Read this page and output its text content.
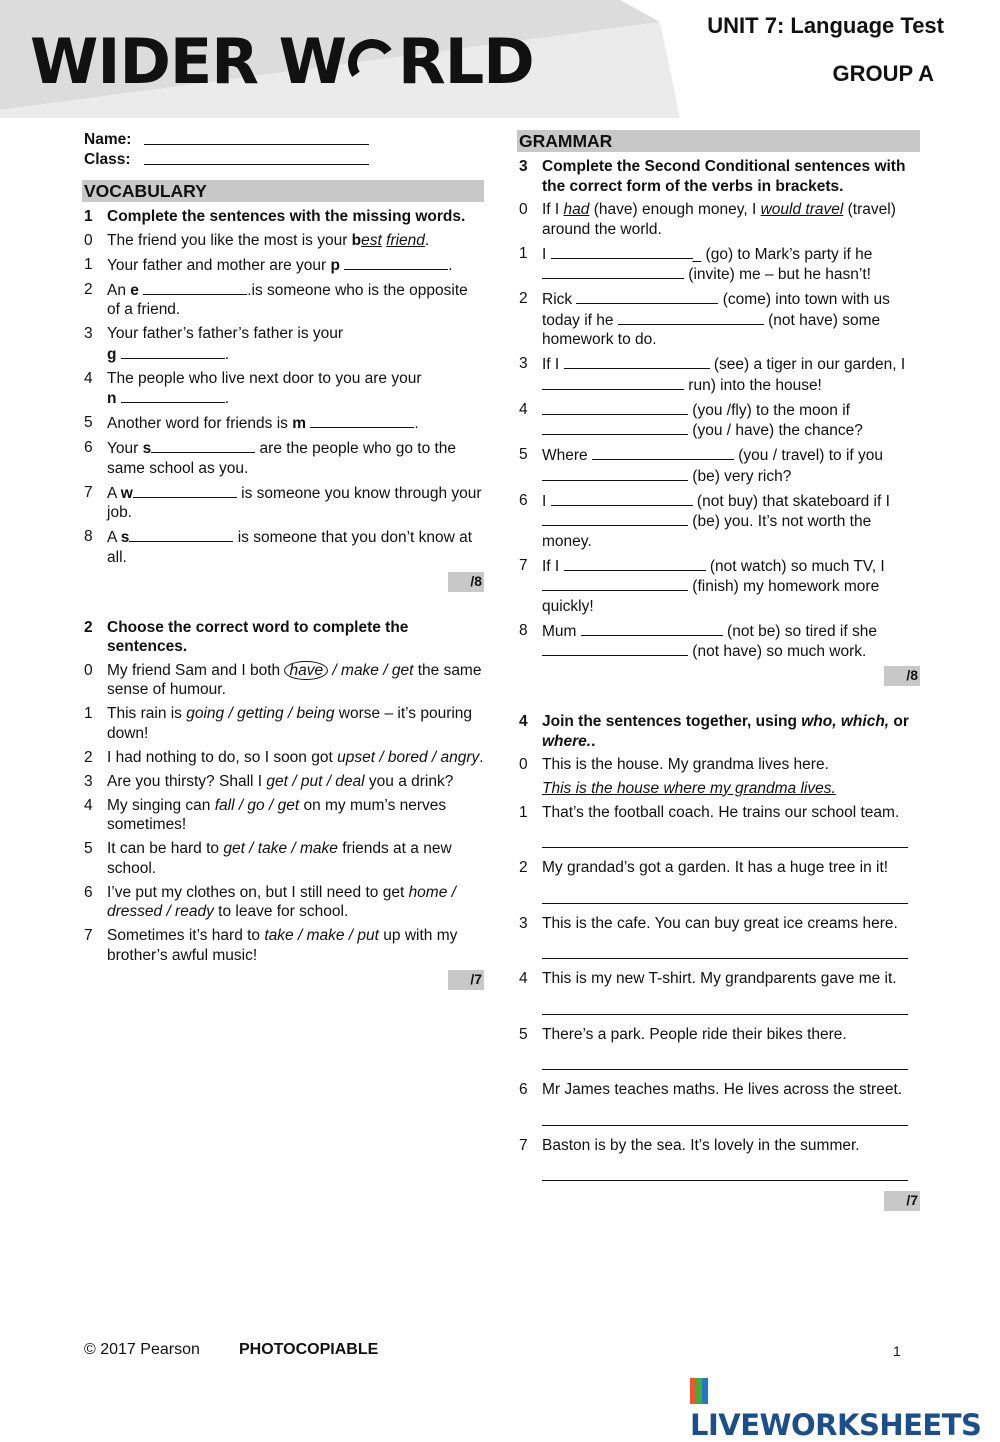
WIDER W RLD	UNIT 7: Language Test
GROUP A
Name:
Class:
VOCABULARY
1 Complete the sentences with the missing words.
0 The friend you like the most is your best friend.
1 Your father and mother are your p	.
2 An e	.is someone who is the opposite of a friend.
3 Your father’s father’s father is your
g	.
4 The people who live next door to you are your
n	.
5 Another word for friends is m	.
6 Your s	are the people who go to the same school as you.
7 A w	is someone you know through your job.
8 A s	is someone that you don’t know at all.
/8
2 Choose the correct word to complete the sentences.
0 My friend Sam and I both have / make / get the same sense of humour.
1 This rain is going / getting / being worse – it’s pouring down!
2 I had nothing to do, so I soon got upset / bored / angry.
3 Are you thirsty? Shall I get / put / deal you a drink?
4 My singing can fall / go / get on my mum’s nerves sometimes!
5 It can be hard to get / take / make friends at a new school.
6 I’ve put my clothes on, but I still need to get home / dressed / ready to leave for school.
7 Sometimes it’s hard to take / make / put up with my brother’s awful music!
/7
GRAMMAR
3 Complete the Second Conditional sentences with the correct form of the verbs in brackets.
0 If I had (have) enough money, I would travel (travel) around the world.
1 I	_ (go) to Mark’s party if he  (invite) me – but he hasn’t!
2 Rick	(come) into town with us today if he	(not have) some homework to do.
3 If I	(see) a tiger in our garden, I  run) into the house!
4	(you /fly) to the moon if
(you / have) the chance?
5 Where	(you / travel) to if you
(be) very rich?
6 I	(not buy) that skateboard if I
(be) you. It’s not worth the money.
7 If I	(not watch) so much TV, I
(finish) my homework more quickly!
8 Mum	(not be) so tired if she
(not have) so much work.
/8
4 Join the sentences together, using who, which, or where..
0 This is the house. My grandma lives here.
This is the house where my grandma lives.
1 That’s the football coach. He trains our school team.
2 My grandad’s got a garden. It has a huge tree in it!
3 This is the cafe. You can buy great ice creams here.
4 This is my new T-shirt. My grandparents gave me it.
5 There’s a park. People ride their bikes there.
6 Mr James teaches maths. He lives across the street.
7 Baston is by the sea. It’s lovely in the summer.
/7
© 2017 Pearson PHOTOCOPIABLE	1
LIVEWORKSHEETS
